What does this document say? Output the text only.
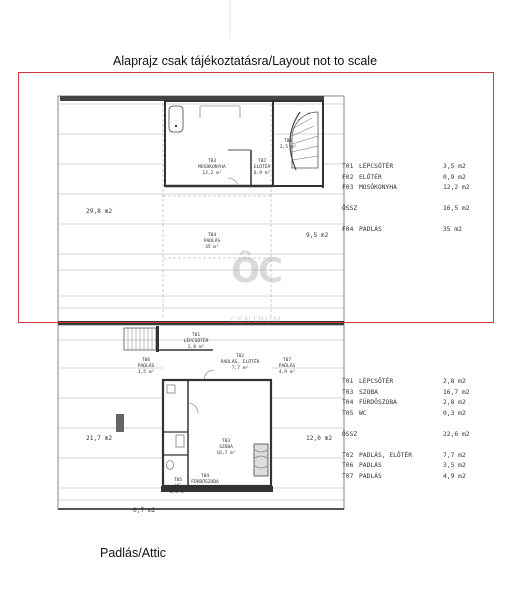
Alaprajz csak tájékoztatásra/Layout not to scale
T03
MOSÓKONYHA
12,2 m²
T02
ELŐTÉR
0,9 m²
T01
3,5 m²
T04
PADLÁS
35 m²
29,8 m2
9,5 m2
T01
LÉPCSŐTÉR
2,8 m²
T02
PADLÁS, ELŐTÉR
7,7 m²
T06
PADLÁS
3,5 m²
T07
PADLÁS
4,9 m²
T03
SZOBA
16,7 m²
T04
FÜRDŐSZOBA
2,8 m²
T05
WC
0,3 m²
21,7 m2	12,0 m2
0,7 m2
ÔC
CENTRUM
T01 LÉPCSŐTÉR	3,5 m2
F02 ELŐTÉR	0,9 m2
F03 MOSÓKONYHA	12,2 m2
ÖSSZ	16,5 m2
F04 PADLÁS	35 m2
T01 LÉPCSŐTÉR	2,8 m2
T03 SZOBA	16,7 m2
T04 FÜRDŐSZOBA	2,8 m2
T05 WC	0,3 m2
ÖSSZ	22,6 m2
T02 PADLÁS, ELŐTÉR	7,7 m2
T06 PADLÁS	3,5 m2
T07 PADLÁS	4,9 m2
Padlás/Attic
